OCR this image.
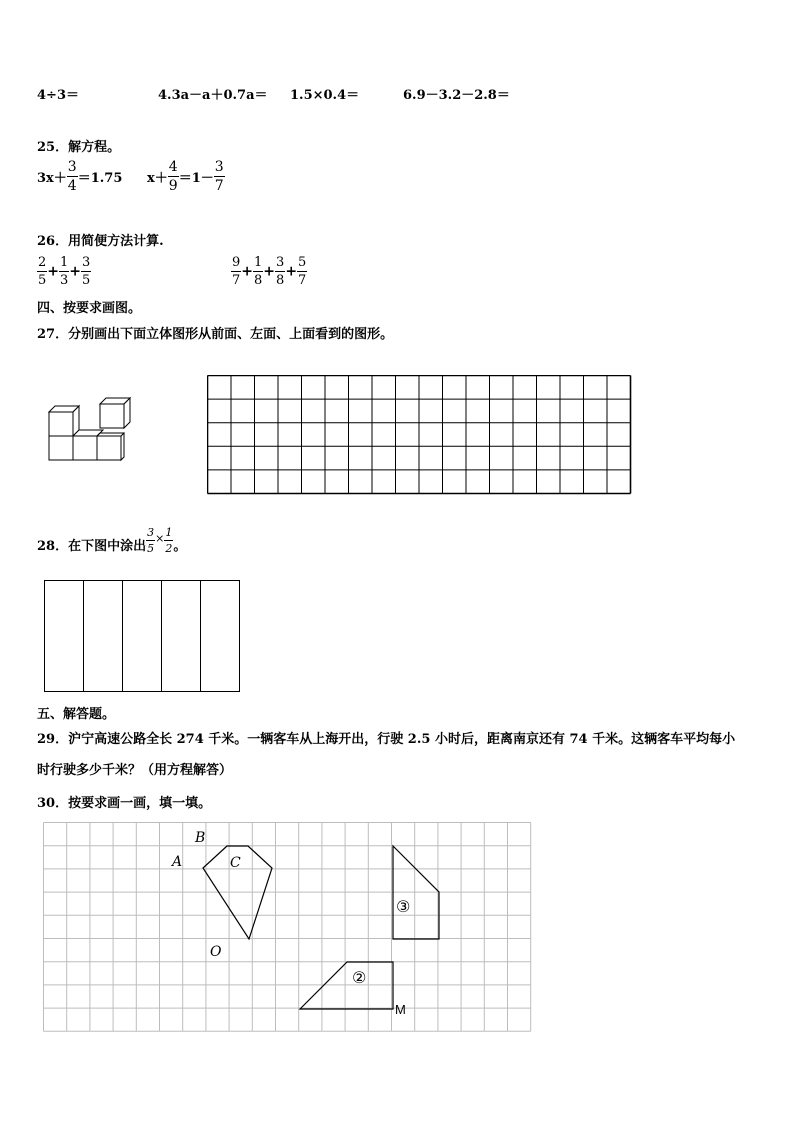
4÷3＝	4.3a－a＋0.7a＝ 1.5×0.4＝	6.9－3.2－2.8＝
25．解方程。
$3x+ \frac{3}{4} =1.75$ $x+ \frac{4}{9} =1- \frac{3}{7}$
26．用简便方法计算.
$\frac{2}{5} + \frac{1}{3} + \frac{3}{5}$	$\frac{9}{7} + \frac{1}{8} + \frac{3}{8} + \frac{5}{7}$
四、按要求画图。
27．分别画出下面立体图形从前面、左面、上面看到的图形。
28．在下图中涂出 $\frac{3}{5} ^\times \frac{1}{2}$ 。
五、解答题。
29．沪宁高速公路全长 274 千米。一辆客车从上海开出，行驶 2.5 小时后，距离南京还有 74 千米。这辆客车平均每小
时行驶多少千米？（用方程解答）
30．按要求画一画，填一填。
A
B
C
O
M
③
②
